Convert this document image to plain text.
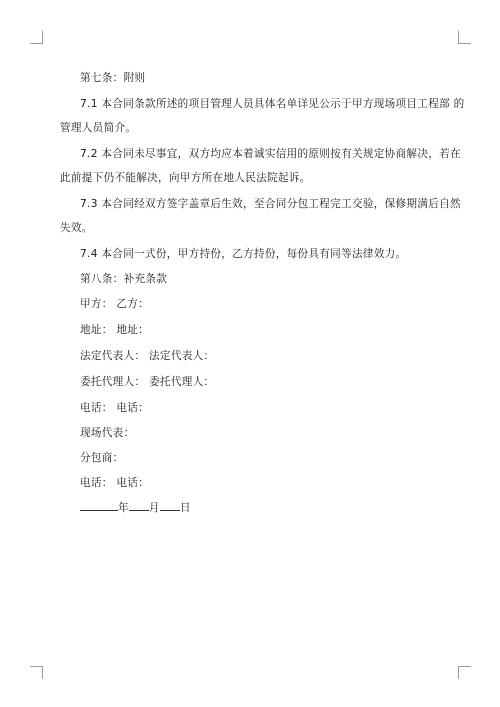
第七条：附则
7.1 本合同条款所述的项目管理人员具体名单详见公示于甲方现场项目工程部 的
管理人员简介。
7.2 本合同未尽事宜，双方均应本着诚实信用的原则按有关规定协商解决，若在
此前提下仍不能解决，向甲方所在地人民法院起诉。
7.3 本合同经双方签字盖章后生效，至合同分包工程完工交验，保修期满后自然
失效。
7.4 本合同一式份，甲方持份，乙方持份，每份具有同等法律效力。
第八条：补充条款
甲方： 乙方：
地址： 地址：
法定代表人： 法定代表人：
委托代理人： 委托代理人：
电话： 电话：
现场代表：
分包商：
电话： 电话：
年 月 日
